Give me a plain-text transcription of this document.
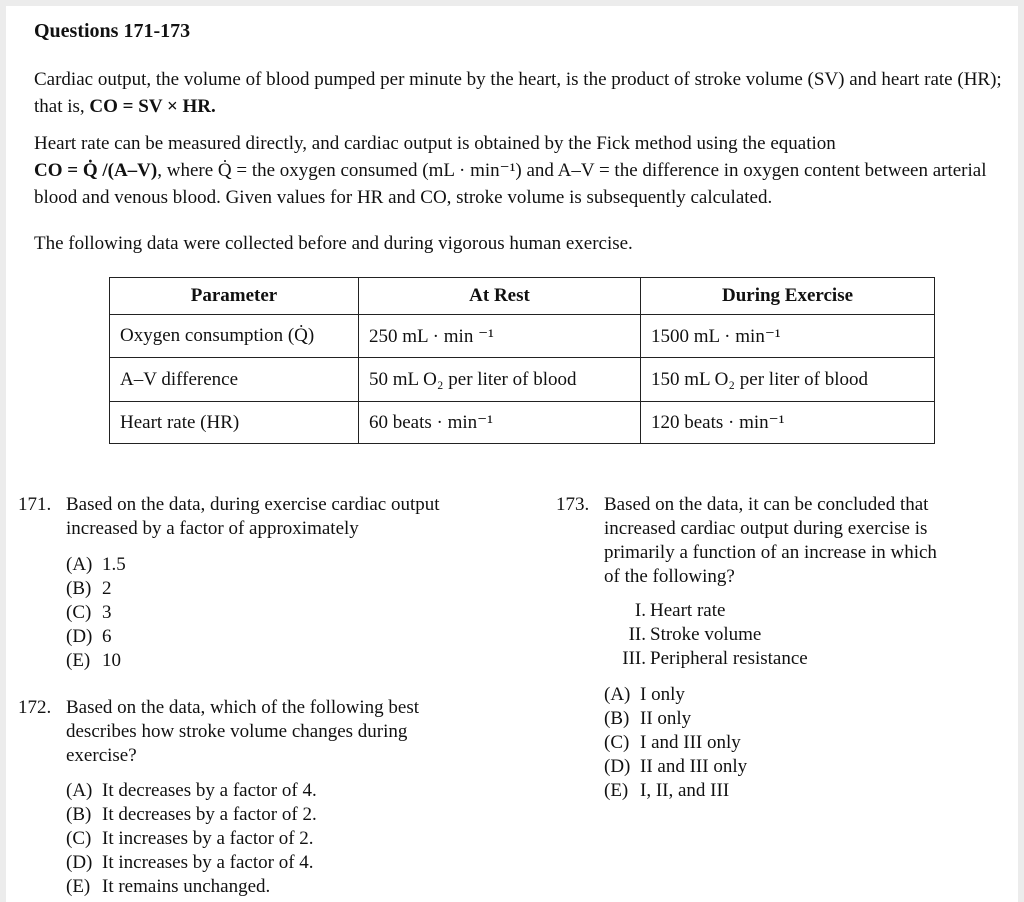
Questions 171-173
Cardiac output, the volume of blood pumped per minute by the heart, is the product of stroke volume (SV) and heart rate (HR); that is, CO = SV × HR.
Heart rate can be measured directly, and cardiac output is obtained by the Fick method using the equation
CO = Q̇ /(A–V), where Q̇ = the oxygen consumed (mL · min⁻¹) and A–V = the difference in oxygen content between arterial blood and venous blood. Given values for HR and CO, stroke volume is subsequently calculated.
The following data were collected before and during vigorous human exercise.
Parameter	At Rest	During Exercise
Oxygen consumption (Q̇)	250 mL · min ⁻¹	1500 mL · min⁻¹
A–V difference	50 mL O₂ per liter of blood	150 mL O₂ per liter of blood
Heart rate (HR)	60 beats · min⁻¹	120 beats · min⁻¹
171. Based on the data, during exercise cardiac output
increased by a factor of approximately
(A) 1.5
(B) 2
(C) 3
(D) 6
(E) 10
172. Based on the data, which of the following best
describes how stroke volume changes during
exercise?
(A) It decreases by a factor of 4.
(B) It decreases by a factor of 2.
(C) It increases by a factor of 2.
(D) It increases by a factor of 4.
(E) It remains unchanged.
173. Based on the data, it can be concluded that
increased cardiac output during exercise is
primarily a function of an increase in which
of the following?
I. Heart rate
II. Stroke volume
III. Peripheral resistance
(A) I only
(B) II only
(C) I and III only
(D) II and III only
(E) I, II, and III
